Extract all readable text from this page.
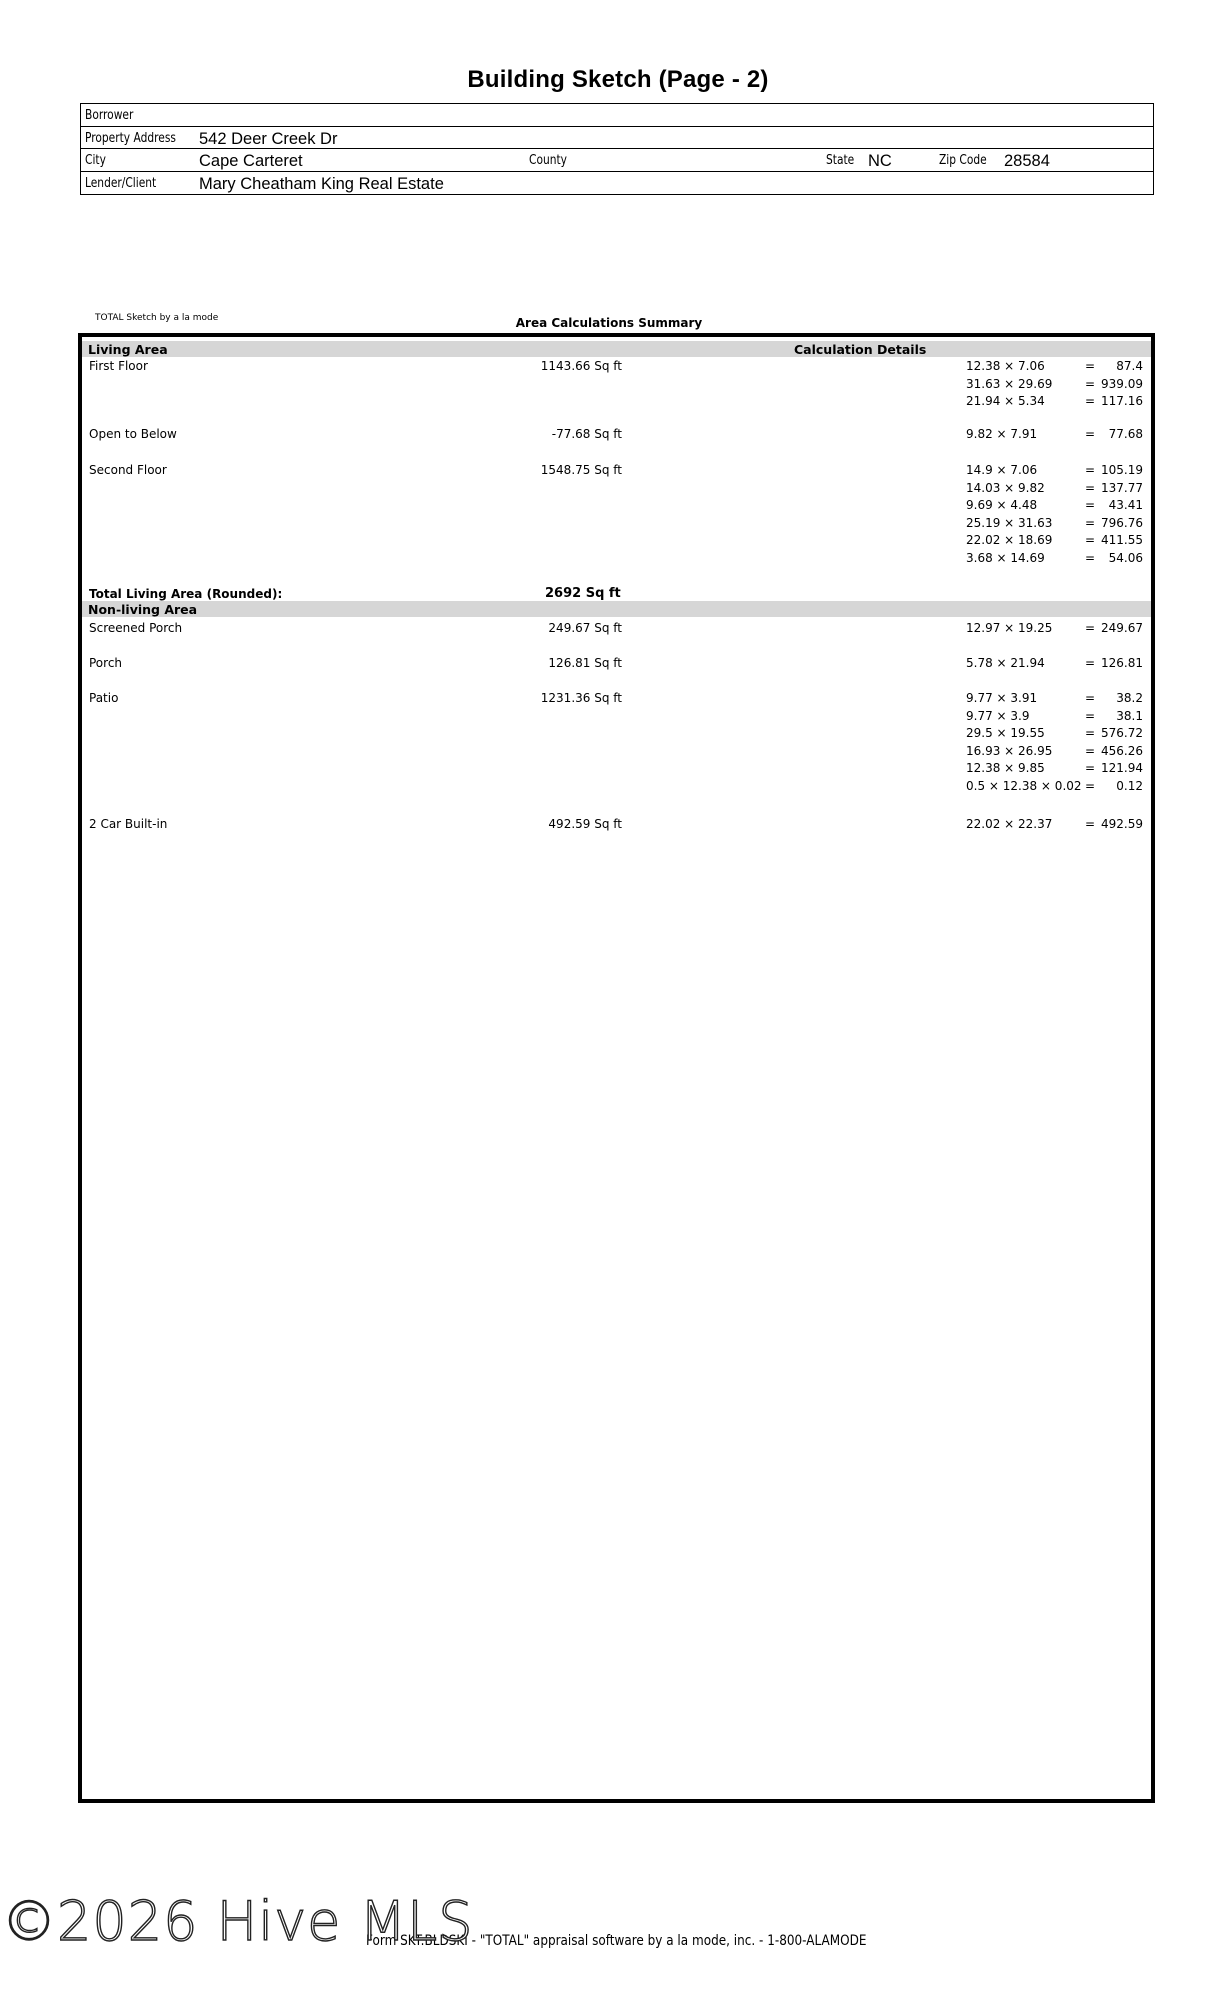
Building Sketch (Page - 2)
Borrower
Property Address 542 Deer Creek Dr
City	Cape Carteret	County	State NC	Zip Code 28584
Lender/Client	Mary Cheatham King Real Estate
TOTAL Sketch by a la mode	Area Calculations Summary
Living Area	Calculation Details
First Floor	1143.66 Sq ft	12.38 × 7.06	=	87.4
31.63 × 29.69	= 939.09
21.94 × 5.34	= 117.16
Open to Below	-77.68 Sq ft	9.82 × 7.91	=	77.68
Second Floor	1548.75 Sq ft	14.9 × 7.06	= 105.19
14.03 × 9.82	= 137.77
9.69 × 4.48	=	43.41
25.19 × 31.63	= 796.76
22.02 × 18.69	= 411.55
3.68 × 14.69	=	54.06
Total Living Area (Rounded):	2692 Sq ft
Non-living Area
Screened Porch	249.67 Sq ft	12.97 × 19.25	= 249.67
Porch	126.81 Sq ft	5.78 × 21.94	= 126.81
Patio	1231.36 Sq ft	9.77 × 3.91	=	38.2
9.77 × 3.9	=	38.1
29.5 × 19.55	= 576.72
16.93 × 26.95	= 456.26
12.38 × 9.85	= 121.94
0.5 × 12.38 × 0.02 =	0.12
2 Car Built-in	492.59 Sq ft	22.02 × 22.37	= 492.59
©2026 Hive MLS
Form SKT.BLDSKI - "TOTAL" appraisal software by a la mode, inc. - 1-800-ALAMODE
